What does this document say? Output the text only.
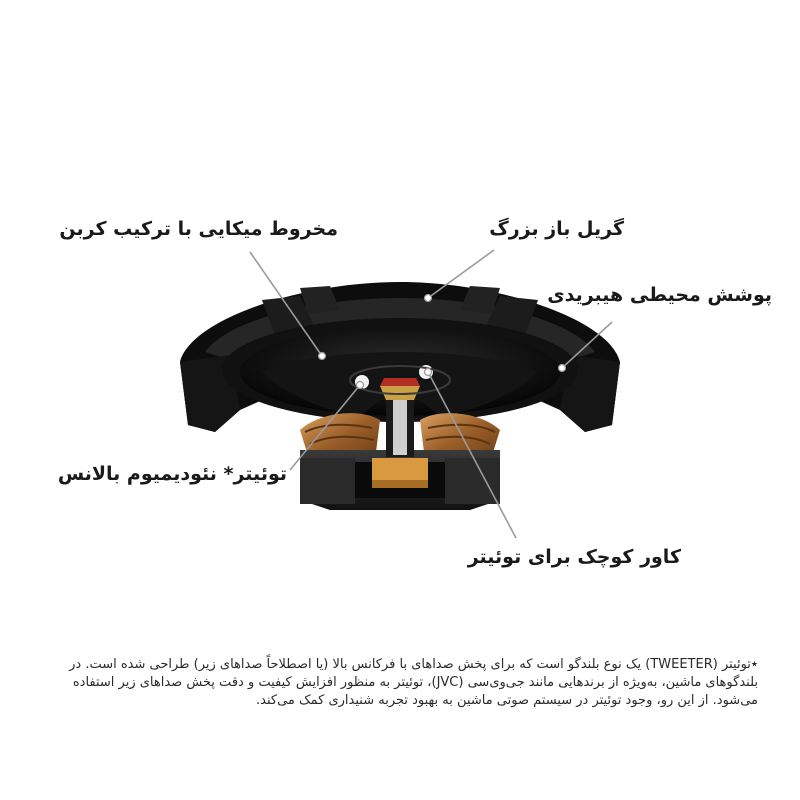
مخروط میکایی با ترکیب کربن	گریل باز بزرگ
پوشش محیطی هیبریدی
توئیتر* نئودیمیوم بالانس
کاور کوچک برای توئیتر

٭توئیتر (TWEETER) یک نوع بلندگو است که برای پخش صداهای با فرکانس بالا (یا اصطلاحاً صداهای زیر) طراحی شده است. در بلندگوهای ماشین، به‌ویژه از برندهایی مانند جی‌وی‌سی (JVC)، توئیتر به منظور افزایش کیفیت و دقت پخش صداهای زیر استفاده می‌شود. از این رو، وجود توئیتر در سیستم صوتی ماشین به بهبود تجربه شنیداری کمک می‌کند.
